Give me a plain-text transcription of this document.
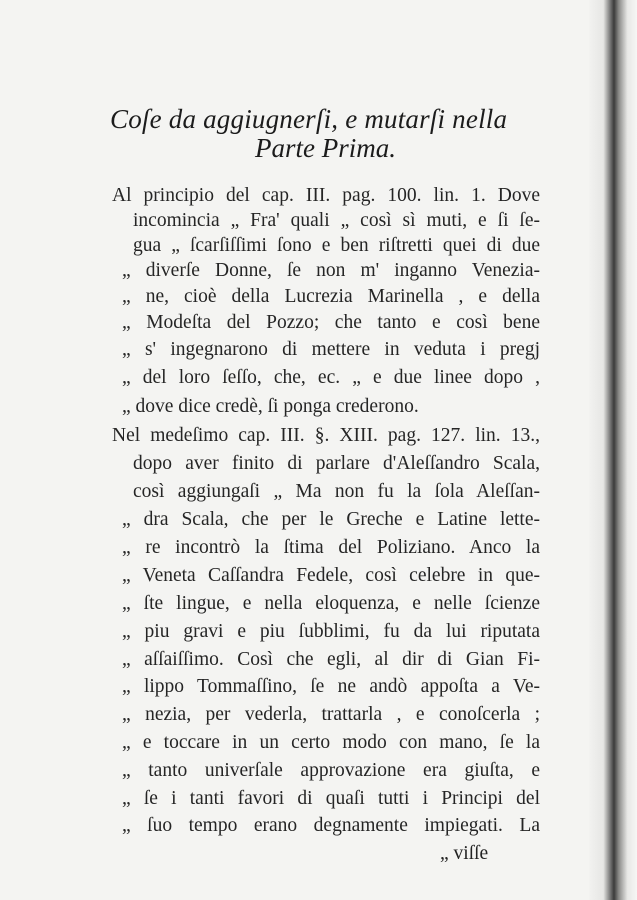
Coſe da aggiugnerſi, e mutarſi nella
Parte Prima.
Al principio del cap. III. pag. 100. lin. 1. Dove
incomincia „ Fra' quali „ così sì muti, e ſi ſe-
gua „ ſcarſiſſimi ſono e ben riſtretti quei di due
„ diverſe Donne, ſe non m' inganno Venezia-
„ ne, cioè della Lucrezia Marinella , e della
„ Modeſta del Pozzo; che tanto e così bene
„ s' ingegnarono di mettere in veduta i pregj
„ del loro ſeſſo, che, ec. „ e due linee dopo ,
„ dove dice credè, ſi ponga crederono.
Nel medeſimo cap. III. §. XIII. pag. 127. lin. 13.,
dopo aver finito di parlare d'Aleſſandro Scala,
così aggiungaſi „ Ma non fu la ſola Aleſſan-
„ dra Scala, che per le Greche e Latine lette-
„ re incontrò la ſtima del Poliziano. Anco la
„ Veneta Caſſandra Fedele, così celebre in que-
„ ſte lingue, e nella eloquenza, e nelle ſcienze
„ piu gravi e piu ſubblimi, fu da lui riputata
„ aſſaiſſimo. Così che egli, al dir di Gian Fi-
„ lippo Tommaſſino, ſe ne andò appoſta a Ve-
„ nezia, per vederla, trattarla , e conoſcerla ;
„ e toccare in un certo modo con mano, ſe la
„ tanto univerſale approvazione era giuſta, e
„ ſe i tanti favori di quaſi tutti i Principi del
„ ſuo tempo erano degnamente impiegati. La
„ viſſe
